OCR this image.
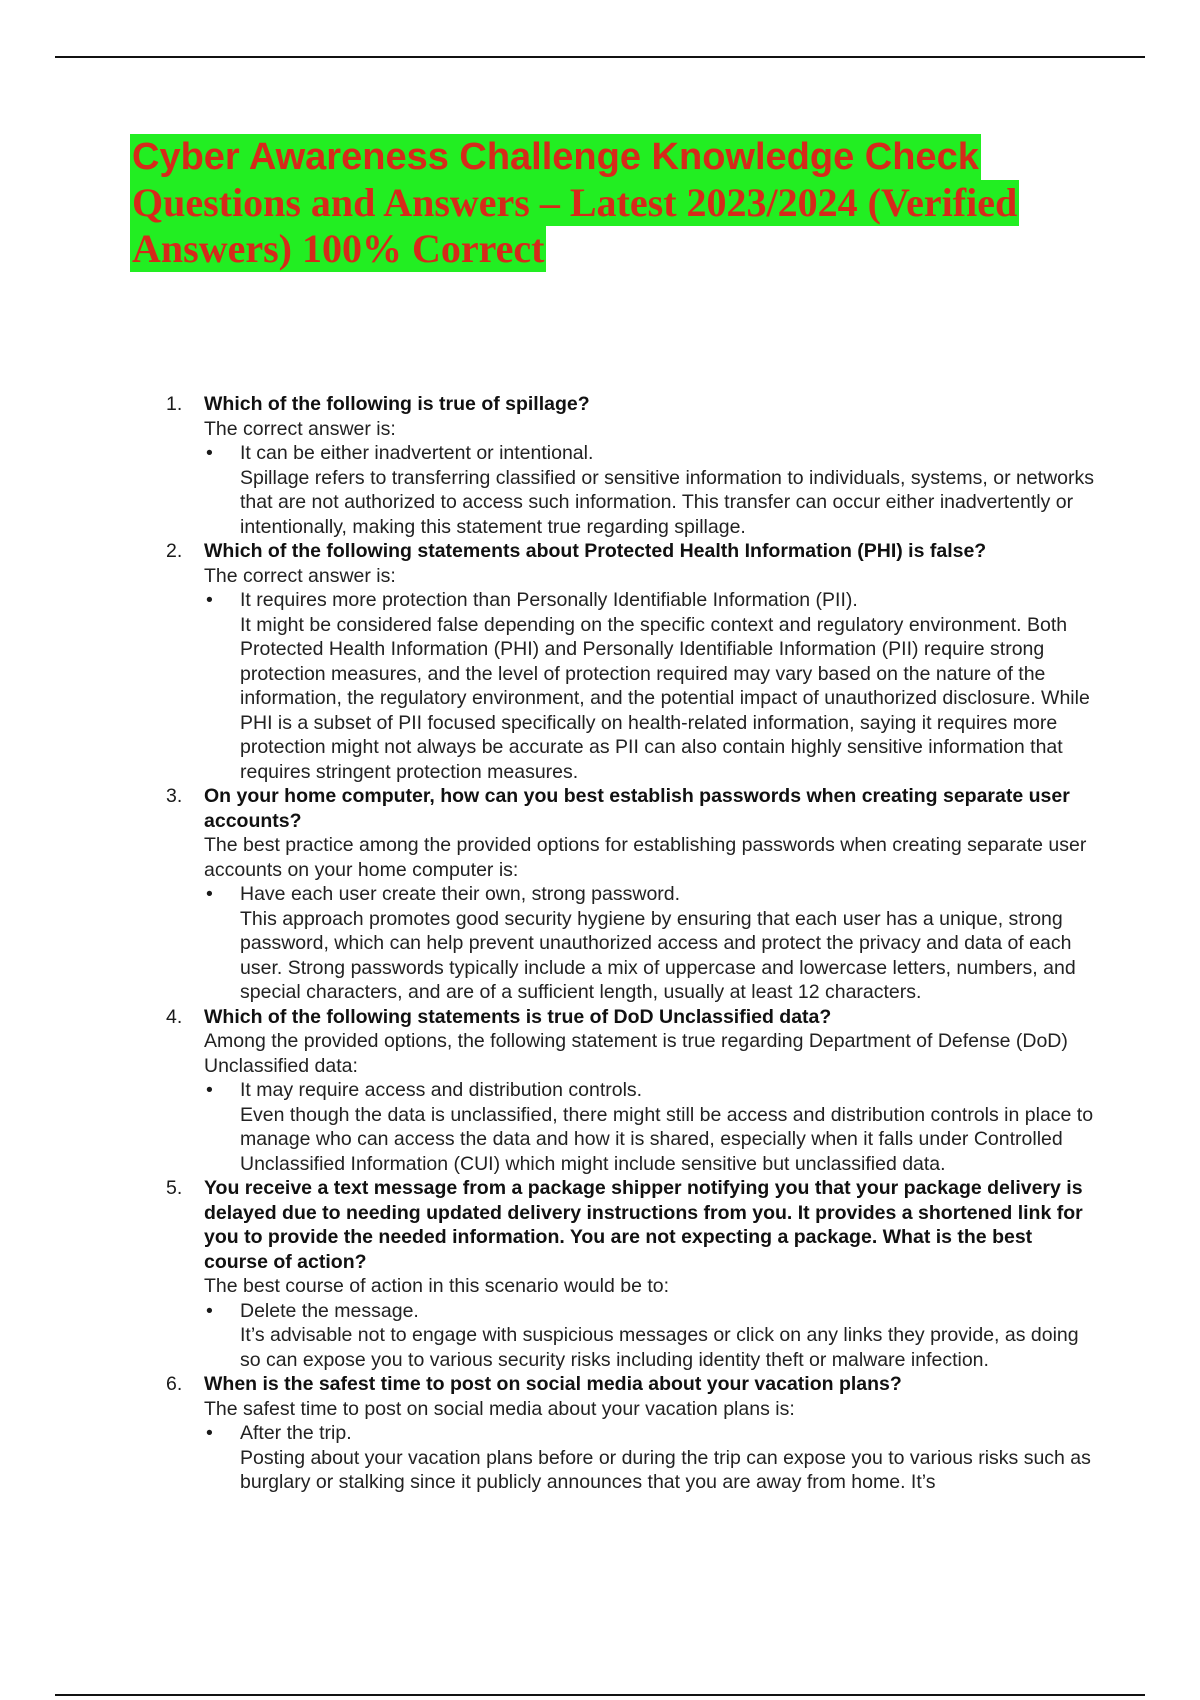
Cyber Awareness Challenge Knowledge Check
Questions and Answers – Latest 2023/2024 (Verified
Answers) 100% Correct
1. Which of the following is true of spillage?
The correct answer is:
• It can be either inadvertent or intentional.
Spillage refers to transferring classified or sensitive information to individuals, systems, or networks that are not authorized to access such information. This transfer can occur either inadvertently or intentionally, making this statement true regarding spillage.
2. Which of the following statements about Protected Health Information (PHI) is false?
The correct answer is:
• It requires more protection than Personally Identifiable Information (PII).
It might be considered false depending on the specific context and regulatory environment. Both Protected Health Information (PHI) and Personally Identifiable Information (PII) require strong protection measures, and the level of protection required may vary based on the nature of the information, the regulatory environment, and the potential impact of unauthorized disclosure. While PHI is a subset of PII focused specifically on health-related information, saying it requires more protection might not always be accurate as PII can also contain highly sensitive information that requires stringent protection measures.
3. On your home computer, how can you best establish passwords when creating separate user accounts?
The best practice among the provided options for establishing passwords when creating separate user accounts on your home computer is:
• Have each user create their own, strong password.
This approach promotes good security hygiene by ensuring that each user has a unique, strong password, which can help prevent unauthorized access and protect the privacy and data of each user. Strong passwords typically include a mix of uppercase and lowercase letters, numbers, and special characters, and are of a sufficient length, usually at least 12 characters.
4. Which of the following statements is true of DoD Unclassified data?
Among the provided options, the following statement is true regarding Department of Defense (DoD) Unclassified data:
• It may require access and distribution controls.
Even though the data is unclassified, there might still be access and distribution controls in place to manage who can access the data and how it is shared, especially when it falls under Controlled Unclassified Information (CUI) which might include sensitive but unclassified data.
5. You receive a text message from a package shipper notifying you that your package delivery is delayed due to needing updated delivery instructions from you. It provides a shortened link for you to provide the needed information. You are not expecting a package. What is the best course of action?
The best course of action in this scenario would be to:
• Delete the message.
It’s advisable not to engage with suspicious messages or click on any links they provide, as doing so can expose you to various security risks including identity theft or malware infection.
6. When is the safest time to post on social media about your vacation plans?
The safest time to post on social media about your vacation plans is:
• After the trip.
Posting about your vacation plans before or during the trip can expose you to various risks such as burglary or stalking since it publicly announces that you are away from home. It’s
